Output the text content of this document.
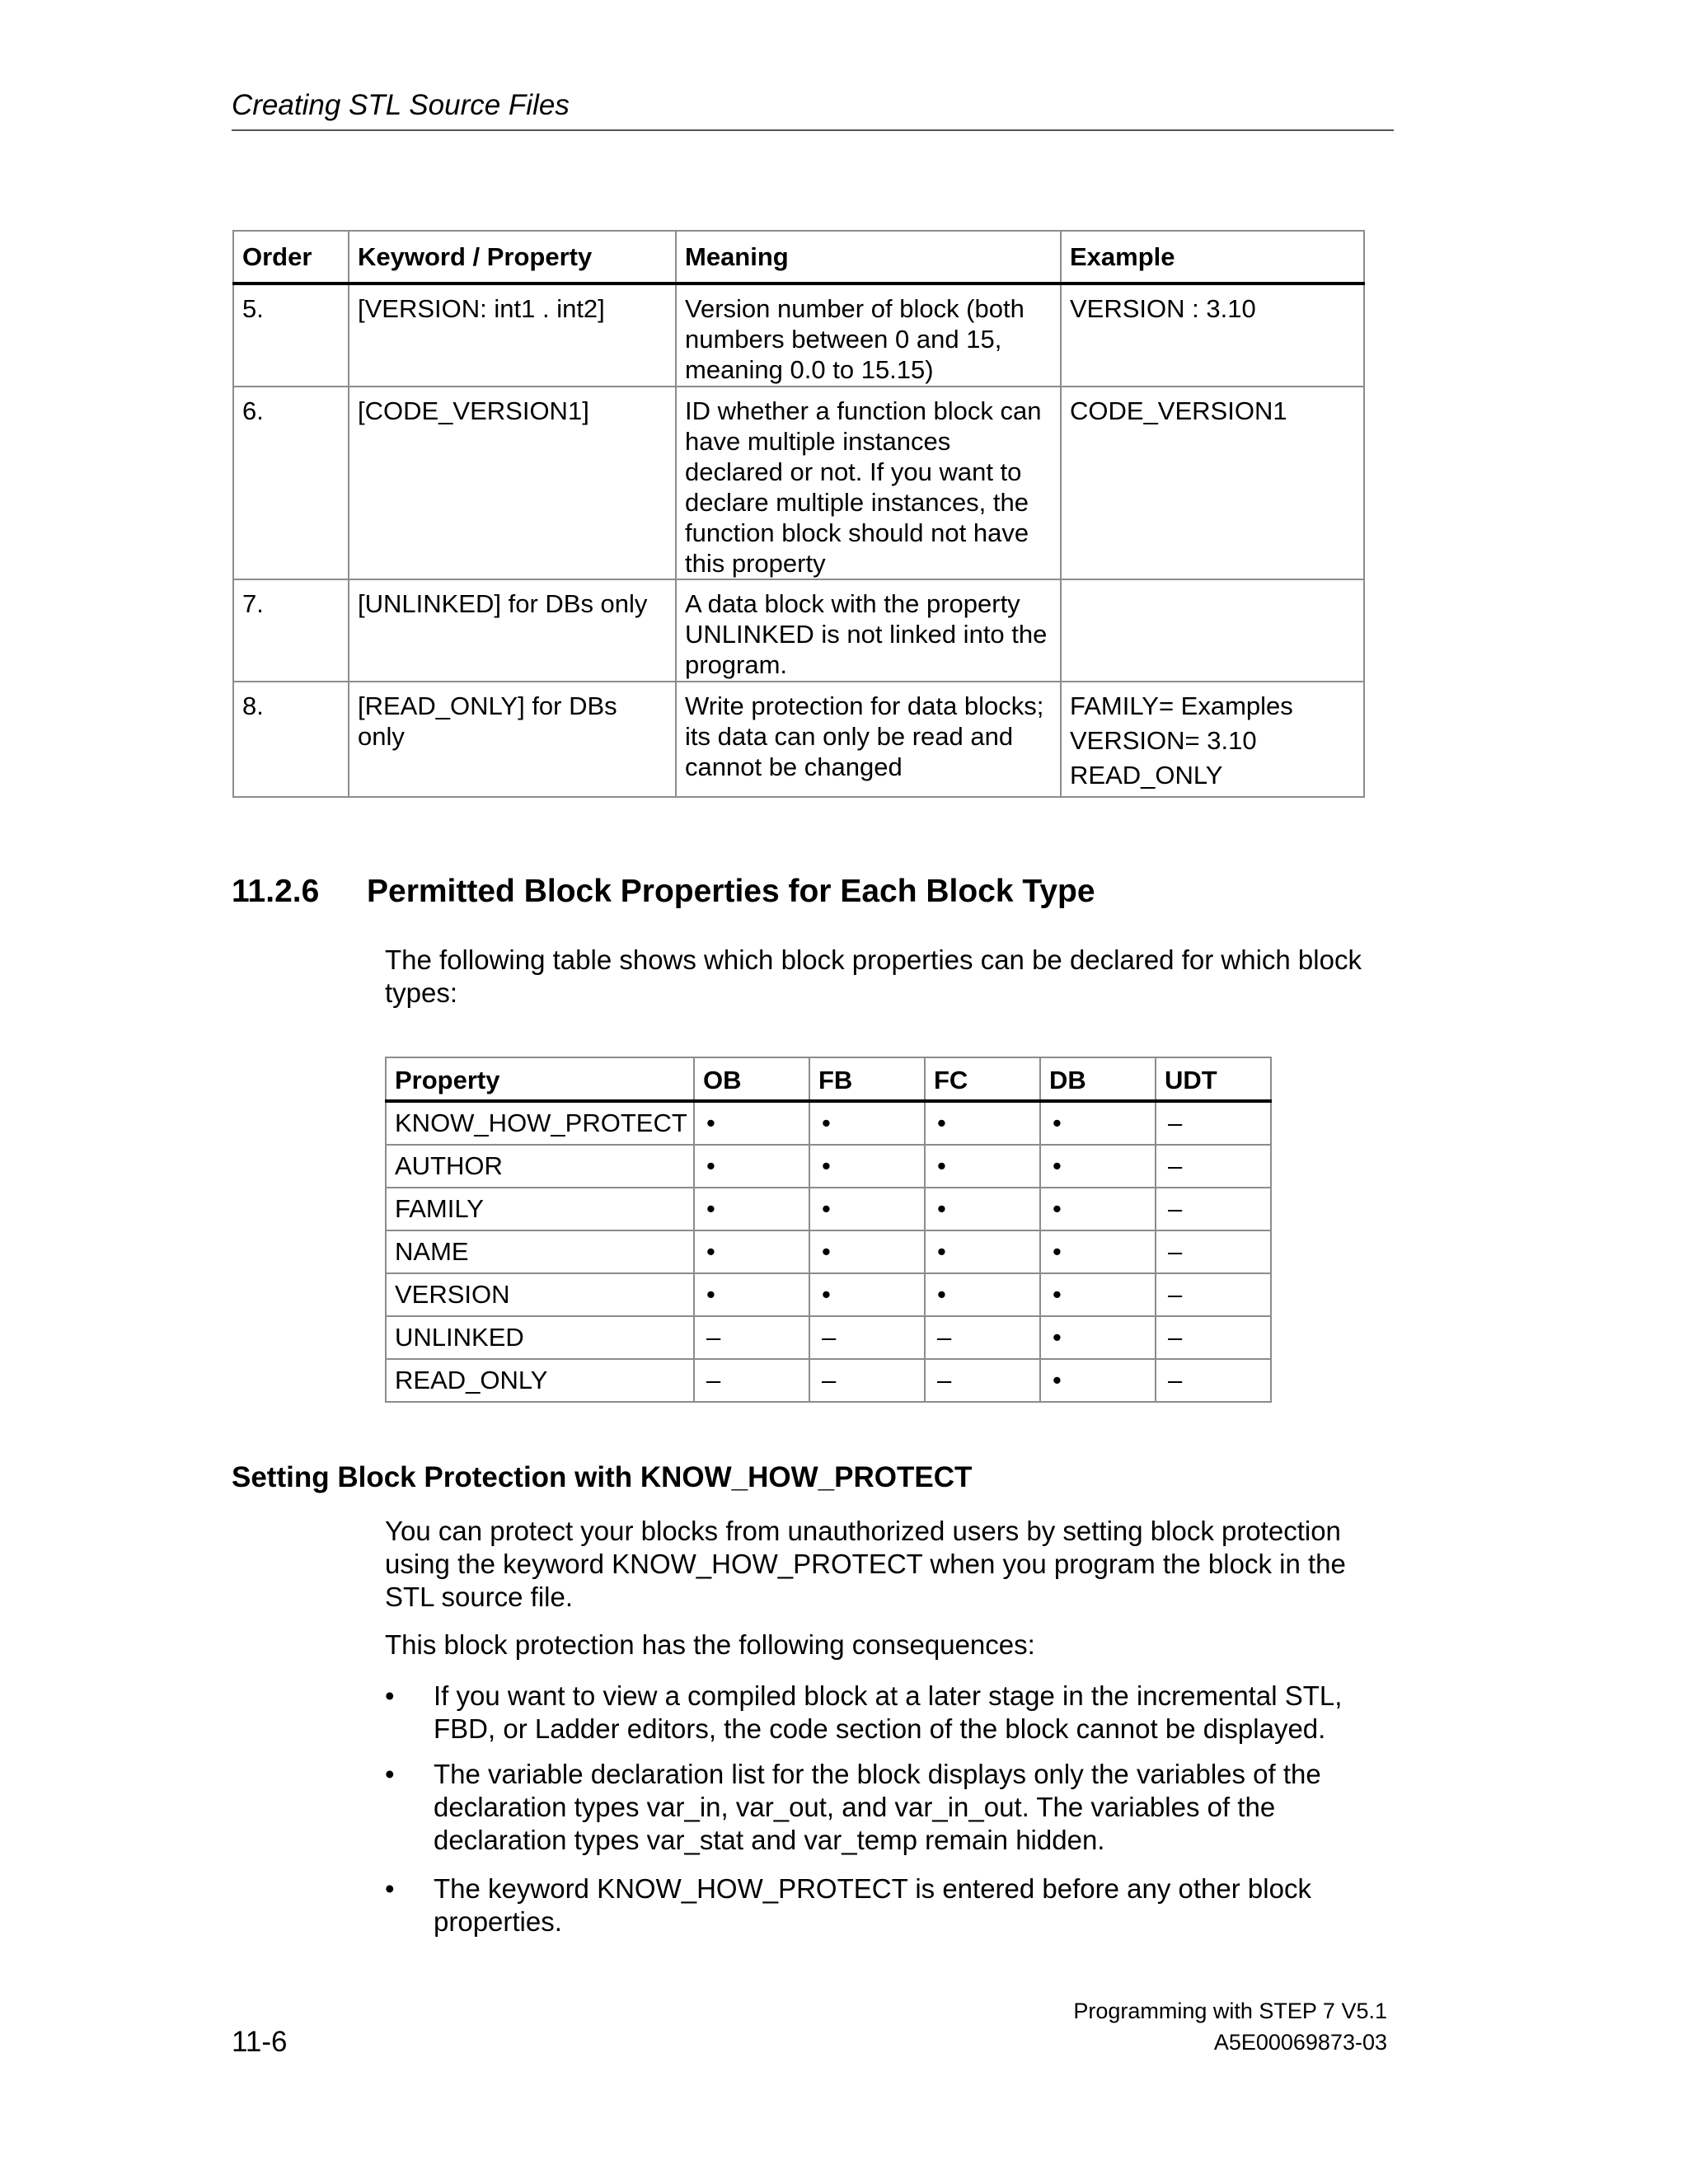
Creating STL Source Files
Order	Keyword / Property	Meaning	Example
5.	[VERSION: int1 . int2]	Version number of block (both numbers between 0 and 15, meaning 0.0 to 15.15)	VERSION : 3.10

6.	[CODE_VERSION1]	ID whether a function block can have multiple instances declared or not. If you want to declare multiple instances, the function block should not have this property	CODE_VERSION1

7.	[UNLINKED] for DBs only	A data block with the property UNLINKED is not linked into the program.	
8.	[READ_ONLY] for DBs only	Write protection for data blocks; its data can only be read and cannot be changed	FAMILY= Examples
VERSION= 3.10
READ_ONLY
11.2.6 Permitted Block Properties for Each Block Type
The following table shows which block properties can be declared for which block types:
Property	OB	FB	FC	DB	UDT
KNOW_HOW_PROTECT	•	•	•	•	–
AUTHOR	•	•	•	•	–
FAMILY	•	•	•	•	–
NAME	•	•	•	•	–
VERSION	•	•	•	•	–
UNLINKED	–	–	–	•	–
READ_ONLY	–	–	–	•	–
Setting Block Protection with KNOW_HOW_PROTECT
You can protect your blocks from unauthorized users by setting block protection using the keyword KNOW_HOW_PROTECT when you program the block in the STL source file.
This block protection has the following consequences:
• If you want to view a compiled block at a later stage in the incremental STL, FBD, or Ladder editors, the code section of the block cannot be displayed.
• The variable declaration list for the block displays only the variables of the declaration types var_in, var_out, and var_in_out. The variables of the declaration types var_stat and var_temp remain hidden.
• The keyword KNOW_HOW_PROTECT is entered before any other block properties.
Programming with STEP 7 V5.1
11-6	A5E00069873-03
